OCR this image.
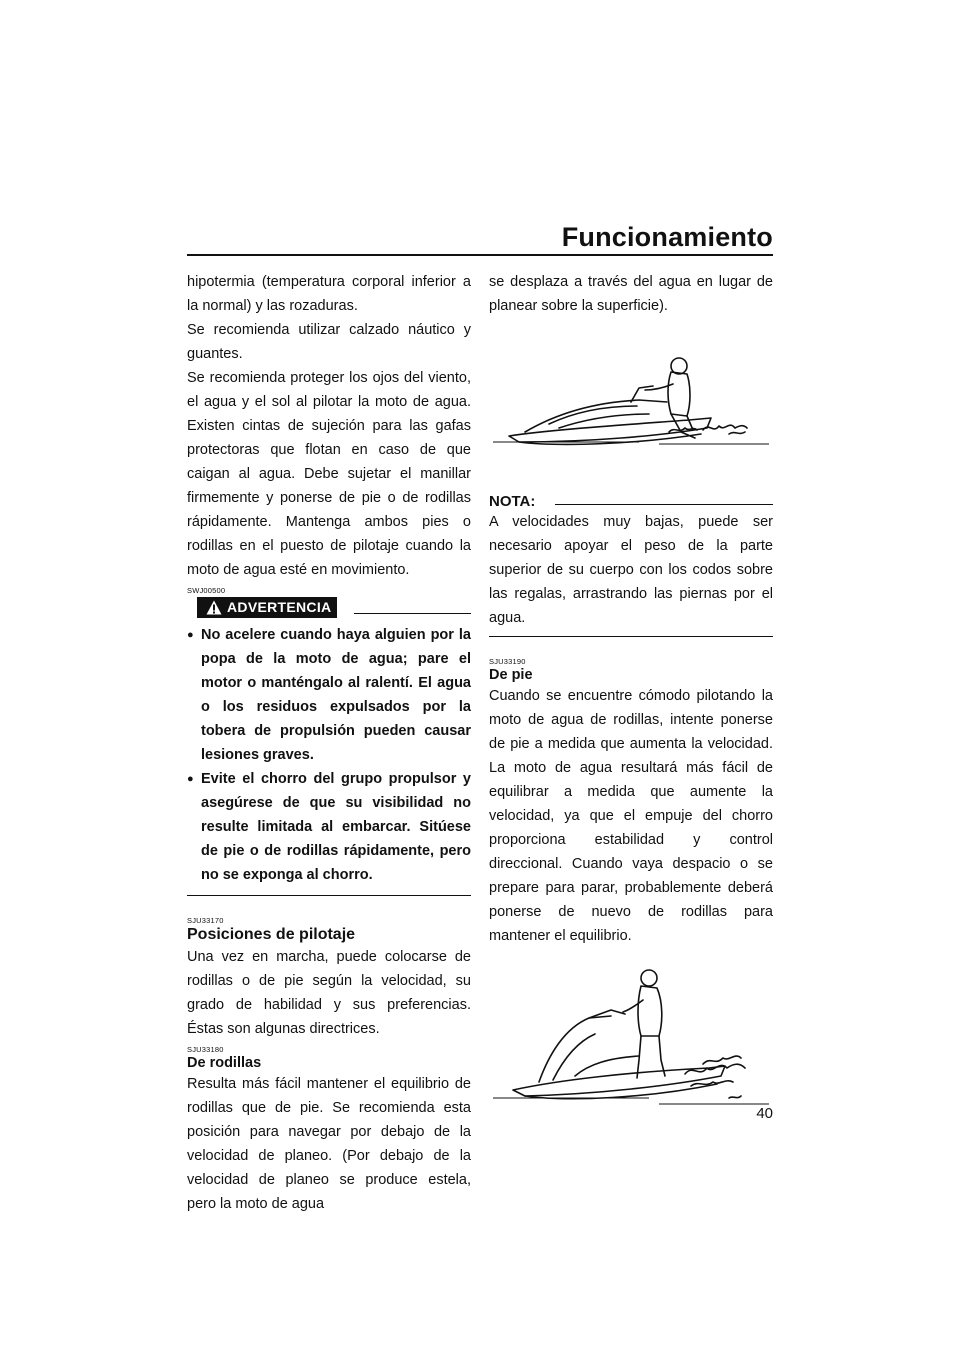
Funcionamiento

hipotermia (temperatura corporal inferior a la normal) y las rozaduras.

Se recomienda utilizar calzado náutico y guantes.

Se recomienda proteger los ojos del viento, el agua y el sol al pilotar la moto de agua. Existen cintas de sujeción para las gafas protectoras que flotan en caso de que caigan al agua. Debe sujetar el manillar firmemente y ponerse de pie o de rodillas rápidamente. Mantenga ambos pies o rodillas en el puesto de pilotaje cuando la moto de agua esté en movimiento.

SWJ00500
ADVERTENCIA
● No acelere cuando haya alguien por la popa de la moto de agua; pare el motor o manténgalo al ralentí. El agua o los residuos expulsados por la tobera de propulsión pueden causar lesiones graves.
● Evite el chorro del grupo propulsor y asegúrese de que su visibilidad no resulte limitada al embarcar. Sitúese de pie o de rodillas rápidamente, pero no se exponga al chorro.
SJU33170
Posiciones de pilotaje

Una vez en marcha, puede colocarse de rodillas o de pie según la velocidad, su grado de habilidad y sus preferencias. Éstas son algunas directrices.

SJU33180
De rodillas

Resulta más fácil mantener el equilibrio de rodillas que de pie. Se recomienda esta posición para navegar por debajo de la velocidad de planeo. (Por debajo de la velocidad de planeo se produce estela, pero la moto de agua

se desplaza a través del agua en lugar de planear sobre la superficie).

NOTA:

A velocidades muy bajas, puede ser necesario apoyar el peso de la parte superior de su cuerpo con los codos sobre las regalas, arrastrando las piernas por el agua.

SJU33190
De pie

Cuando se encuentre cómodo pilotando la moto de agua de rodillas, intente ponerse de pie a medida que aumenta la velocidad. La moto de agua resultará más fácil de equilibrar a medida que aumente la velocidad, ya que el empuje del chorro proporciona estabilidad y control direccional. Cuando vaya despacio o se prepare para parar, probablemente deberá ponerse de nuevo de rodillas para mantener el equilibrio.

40
